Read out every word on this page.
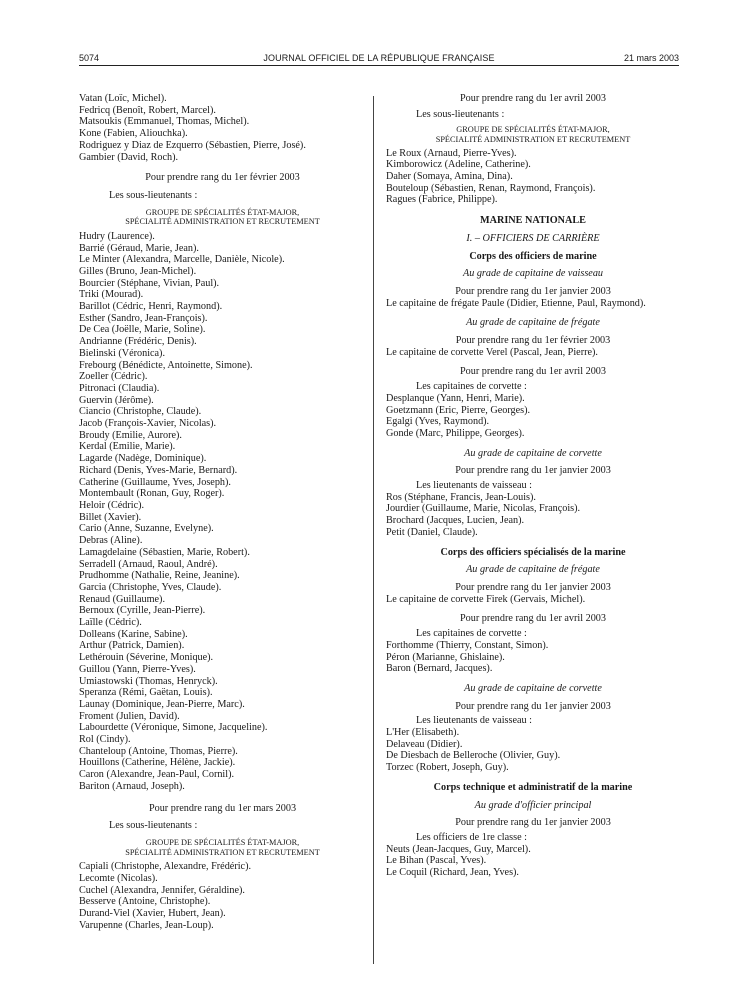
5074	JOURNAL OFFICIEL DE LA RÉPUBLIQUE FRANÇAISE	21 mars 2003

Vatan (Loïc, Michel).

Fedricq (Benoît, Robert, Marcel).

Matsoukis (Emmanuel, Thomas, Michel).

Kone (Fabien, Aliouchka).

Rodriguez y Diaz de Ezquerro (Sébastien, Pierre, José).

Gambier (David, Roch).

Pour prendre rang du 1er février 2003

Les sous-lieutenants :

GROUPE DE SPÉCIALITÉS ÉTAT-MAJOR,

SPÉCIALITÉ ADMINISTRATION ET RECRUTEMENT

Hudry (Laurence).

Barrié (Géraud, Marie, Jean).

Le Minter (Alexandra, Marcelle, Danièle, Nicole).

Gilles (Bruno, Jean-Michel).

Bourcier (Stéphane, Vivian, Paul).

Triki (Mourad).

Barillot (Cédric, Henri, Raymond).

Esther (Sandro, Jean-François).

De Cea (Joëlle, Marie, Soline).

Andrianne (Frédéric, Denis).

Bielinski (Véronica).

Frebourg (Bénédicte, Antoinette, Simone).

Zoeller (Cédric).

Pitronaci (Claudia).

Guervin (Jérôme).

Ciancio (Christophe, Claude).

Jacob (François-Xavier, Nicolas).

Broudy (Emilie, Aurore).

Kerdal (Emilie, Marie).

Lagarde (Nadège, Dominique).

Richard (Denis, Yves-Marie, Bernard).

Catherine (Guillaume, Yves, Joseph).

Montembault (Ronan, Guy, Roger).

Heloir (Cédric).

Billet (Xavier).

Cario (Anne, Suzanne, Evelyne).

Debras (Aline).

Lamagdelaine (Sébastien, Marie, Robert).

Serradell (Arnaud, Raoul, André).

Prudhomme (Nathalie, Reine, Jeanine).

Garcia (Christophe, Yves, Claude).

Renaud (Guillaume).

Bernoux (Cyrille, Jean-Pierre).

Laïlle (Cédric).

Dolleans (Karine, Sabine).

Arthur (Patrick, Damien).

Lethérouin (Séverine, Monique).

Guillou (Yann, Pierre-Yves).

Umiastowski (Thomas, Henryck).

Speranza (Rémi, Gaëtan, Louis).

Launay (Dominique, Jean-Pierre, Marc).

Froment (Julien, David).

Labourdette (Véronique, Simone, Jacqueline).

Rol (Cindy).

Chanteloup (Antoine, Thomas, Pierre).

Houillons (Catherine, Hélène, Jackie).

Caron (Alexandre, Jean-Paul, Cornil).

Bariton (Arnaud, Joseph).

Pour prendre rang du 1er mars 2003

Les sous-lieutenants :

GROUPE DE SPÉCIALITÉS ÉTAT-MAJOR,

SPÉCIALITÉ ADMINISTRATION ET RECRUTEMENT

Capiali (Christophe, Alexandre, Frédéric).

Lecomte (Nicolas).

Cuchel (Alexandra, Jennifer, Géraldine).

Besserve (Antoine, Christophe).

Durand-Viel (Xavier, Hubert, Jean).

Varupenne (Charles, Jean-Loup).

Pour prendre rang du 1er avril 2003

Les sous-lieutenants :

GROUPE DE SPÉCIALITÉS ÉTAT-MAJOR,

SPÉCIALITÉ ADMINISTRATION ET RECRUTEMENT

Le Roux (Arnaud, Pierre-Yves).

Kimborowicz (Adeline, Catherine).

Daher (Somaya, Amina, Dina).

Bouteloup (Sébastien, Renan, Raymond, François).

Ragues (Fabrice, Philippe).

MARINE NATIONALE

I. – OFFICIERS DE CARRIÈRE

Corps des officiers de marine

Au grade de capitaine de vaisseau

Pour prendre rang du 1er janvier 2003

Le capitaine de frégate Paule (Didier, Etienne, Paul, Raymond).

Au grade de capitaine de frégate

Pour prendre rang du 1er février 2003

Le capitaine de corvette Verel (Pascal, Jean, Pierre).

Pour prendre rang du 1er avril 2003

Les capitaines de corvette :

Desplanque (Yann, Henri, Marie).

Goetzmann (Eric, Pierre, Georges).

Egalgi (Yves, Raymond).

Gonde (Marc, Philippe, Georges).

Au grade de capitaine de corvette

Pour prendre rang du 1er janvier 2003

Les lieutenants de vaisseau :

Ros (Stéphane, Francis, Jean-Louis).

Jourdier (Guillaume, Marie, Nicolas, François).

Brochard (Jacques, Lucien, Jean).

Petit (Daniel, Claude).

Corps des officiers spécialisés de la marine

Au grade de capitaine de frégate

Pour prendre rang du 1er janvier 2003

Le capitaine de corvette Firek (Gervais, Michel).

Pour prendre rang du 1er avril 2003

Les capitaines de corvette :

Forthomme (Thierry, Constant, Simon).

Péron (Marianne, Ghislaine).

Baron (Bernard, Jacques).

Au grade de capitaine de corvette

Pour prendre rang du 1er janvier 2003

Les lieutenants de vaisseau :

L'Her (Elisabeth).

Delaveau (Didier).

De Diesbach de Belleroche (Olivier, Guy).

Torzec (Robert, Joseph, Guy).

Corps technique et administratif de la marine

Au grade d'officier principal

Pour prendre rang du 1er janvier 2003

Les officiers de 1re classe :

Neuts (Jean-Jacques, Guy, Marcel).

Le Bihan (Pascal, Yves).

Le Coquil (Richard, Jean, Yves).
